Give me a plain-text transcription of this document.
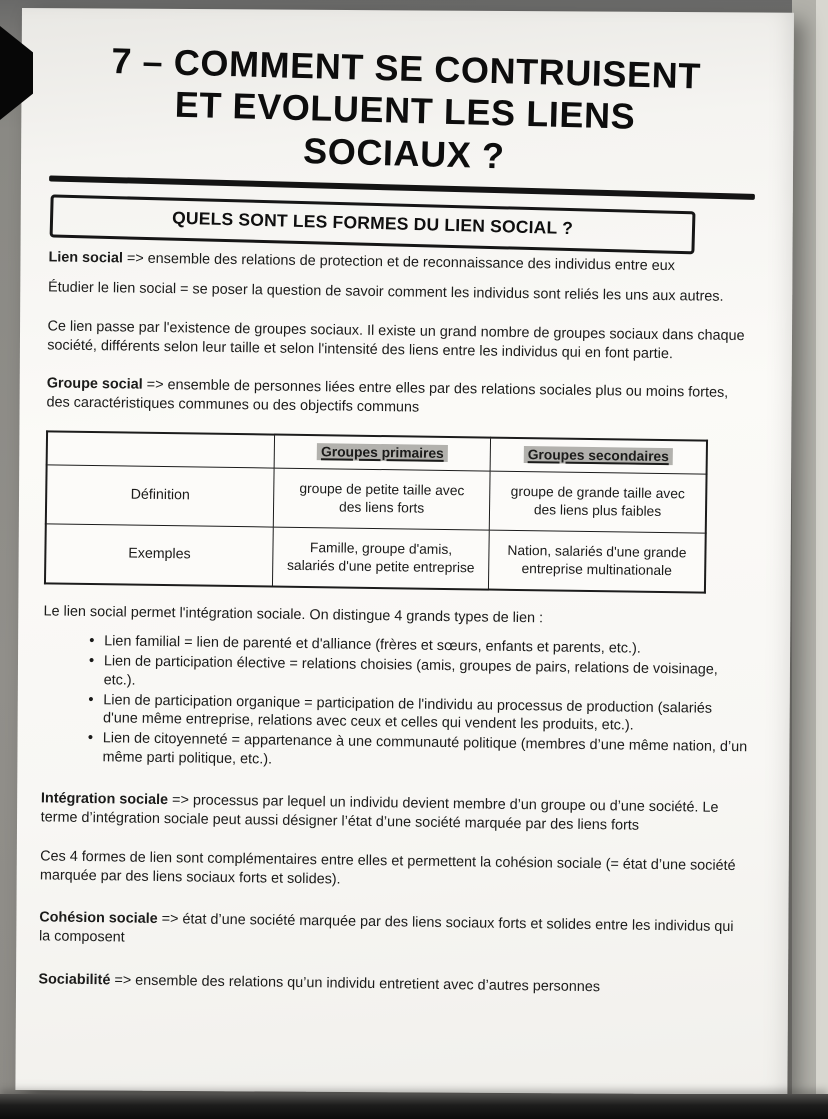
7 – COMMENT SE CONTRUISENT
ET EVOLUENT LES LIENS
SOCIAUX ?
QUELS SONT LES FORMES DU LIEN SOCIAL ?

Lien social => ensemble des relations de protection et de reconnaissance des individus entre eux

Étudier le lien social = se poser la question de savoir comment les individus sont reliés les uns aux autres.

Ce lien passe par l'existence de groupes sociaux. Il existe un grand nombre de groupes sociaux dans chaque société, différents selon leur taille et selon l'intensité des liens entre les individus qui en font partie.

Groupe social => ensemble de personnes liées entre elles par des relations sociales plus ou moins fortes, des caractéristiques communes ou des objectifs communs

	Groupes primaires	Groupes secondaires
Définition	groupe de petite taille avec des liens forts	groupe de grande taille avec des liens plus faibles
Exemples	Famille, groupe d'amis, salariés d'une petite entreprise	Nation, salariés d'une grande entreprise multinationale

Le lien social permet l'intégration sociale. On distingue 4 grands types de lien :

• Lien familial = lien de parenté et d'alliance (frères et sœurs, enfants et parents, etc.).
• Lien de participation élective = relations choisies (amis, groupes de pairs, relations de voisinage, etc.).
• Lien de participation organique = participation de l'individu au processus de production (salariés d'une même entreprise, relations avec ceux et celles qui vendent les produits, etc.).
• Lien de citoyenneté = appartenance à une communauté politique (membres d’une même nation, d’un même parti politique, etc.).

Intégration sociale => processus par lequel un individu devient membre d’un groupe ou d’une société. Le terme d’intégration sociale peut aussi désigner l’état d’une société marquée par des liens forts

Ces 4 formes de lien sont complémentaires entre elles et permettent la cohésion sociale (= état d’une société marquée par des liens sociaux forts et solides).

Cohésion sociale => état d’une société marquée par des liens sociaux forts et solides entre les individus qui la composent

Sociabilité => ensemble des relations qu’un individu entretient avec d’autres personnes
